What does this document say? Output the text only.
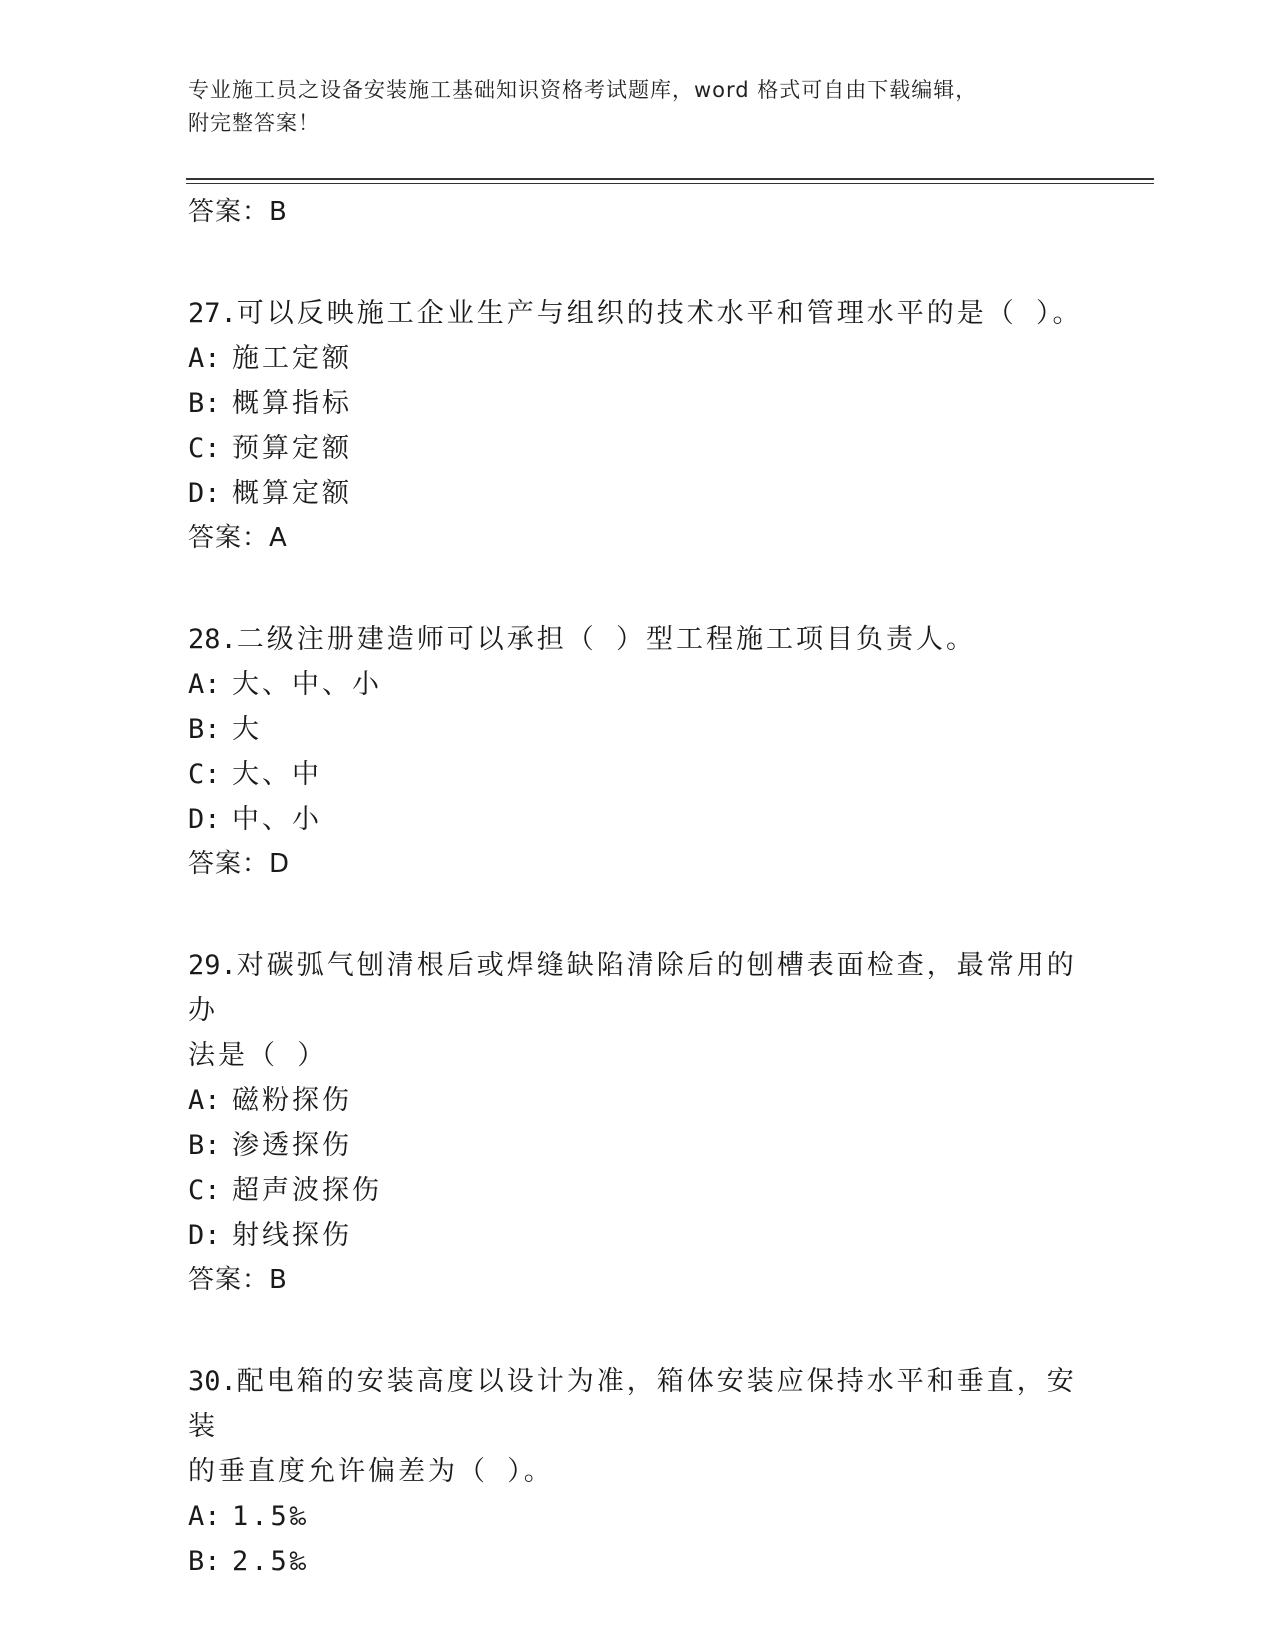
专业施工员之设备安装施工基础知识资格考试题库，word 格式可自由下载编辑，
附完整答案！
答案：B
27.可以反映施工企业生产与组织的技术水平和管理水平的是（ ）。
A: 施工定额
B: 概算指标
C: 预算定额
D: 概算定额
答案：A
28.二级注册建造师可以承担（ ）型工程施工项目负责人。
A: 大、中、小
B: 大
C: 大、中
D: 中、小
答案：D
29.对碳弧气刨清根后或焊缝缺陷清除后的刨槽表面检查，最常用的办
法是（ ）
A: 磁粉探伤
B: 渗透探伤
C: 超声波探伤
D: 射线探伤
答案：B
30.配电箱的安装高度以设计为准，箱体安装应保持水平和垂直，安装
的垂直度允许偏差为（ ）。
A: 1.5‰
B: 2.5‰
